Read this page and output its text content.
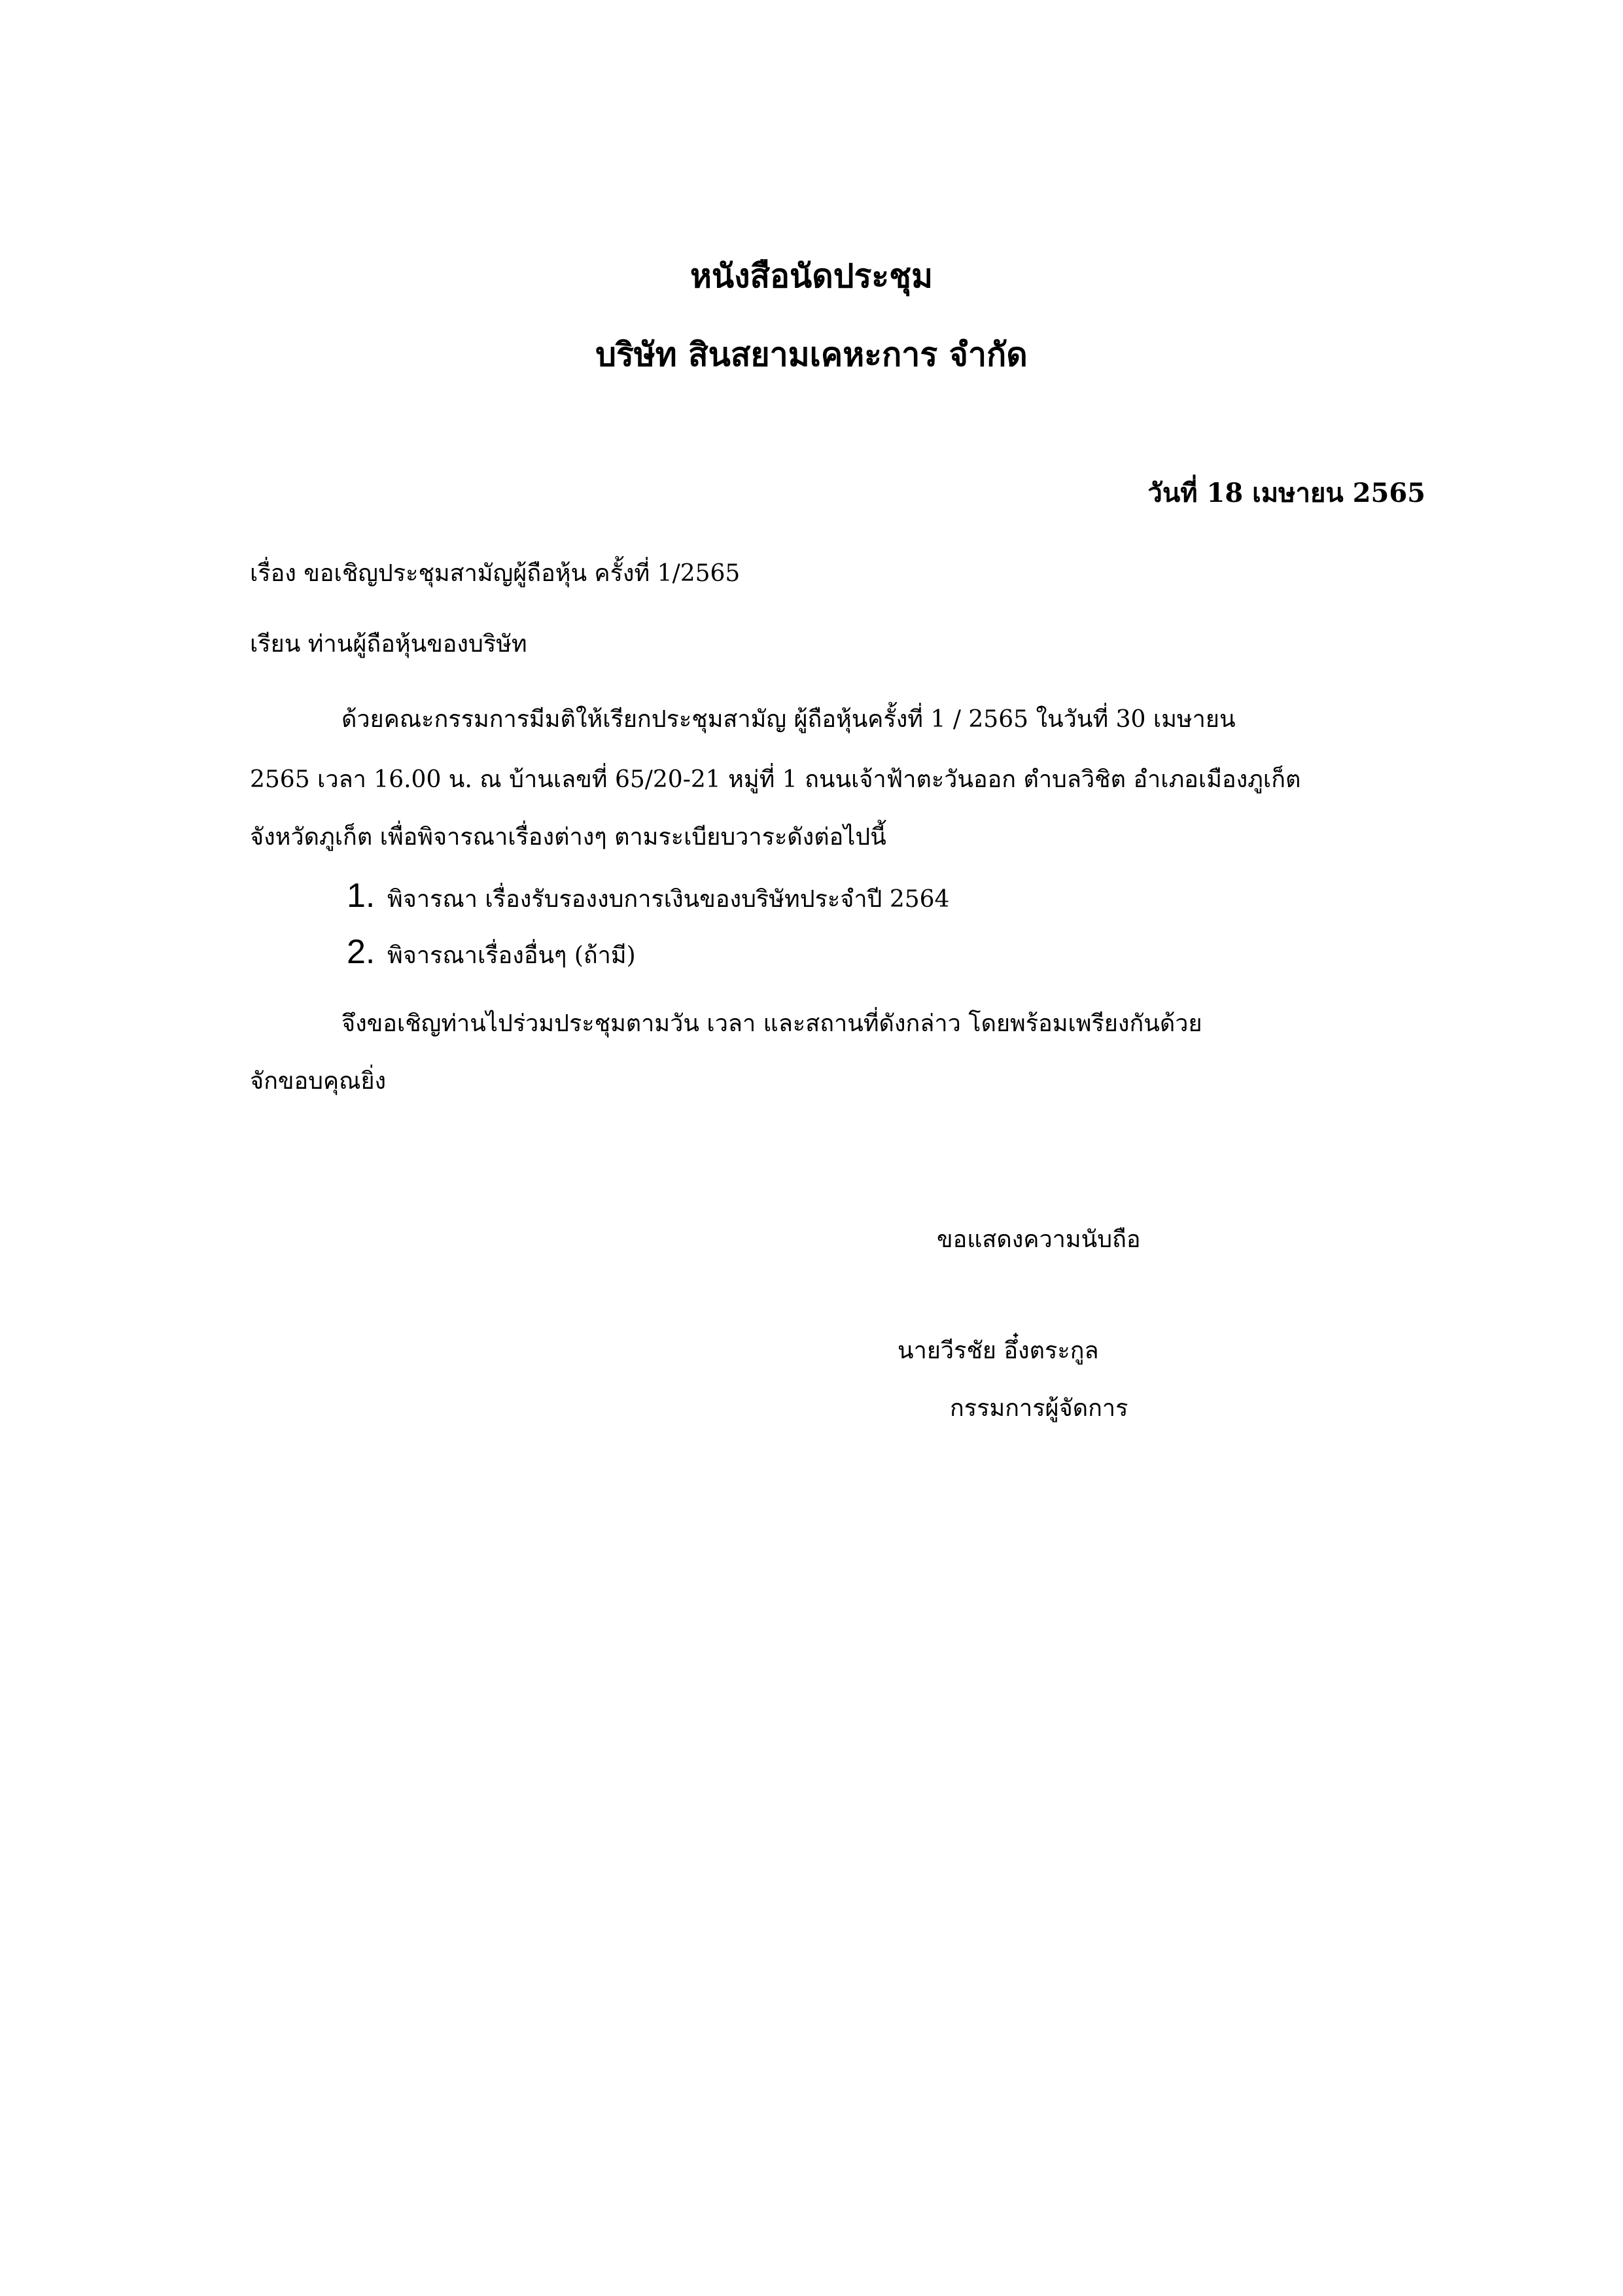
หนังสือนัดประชุม
บริษัท สินสยามเคหะการ จำกัด
วันที่ 18 เมษายน 2565
เรื่อง ขอเชิญประชุมสามัญผู้ถือหุ้น ครั้งที่ 1/2565
เรียน ท่านผู้ถือหุ้นของบริษัท
ด้วยคณะกรรมการมีมติให้เรียกประชุมสามัญ ผู้ถือหุ้นครั้งที่ 1 / 2565 ในวันที่ 30 เมษายน
2565 เวลา 16.00 น. ณ บ้านเลขที่ 65/20-21 หมู่ที่ 1 ถนนเจ้าฟ้าตะวันออก ตำบลวิชิต อำเภอเมืองภูเก็ต
จังหวัดภูเก็ต เพื่อพิจารณาเรื่องต่างๆ ตามระเบียบวาระดังต่อไปนี้
1. พิจารณา เรื่องรับรองงบการเงินของบริษัทประจำปี 2564
2. พิจารณาเรื่องอื่นๆ (ถ้ามี)
จึงขอเชิญท่านไปร่วมประชุมตามวัน เวลา และสถานที่ดังกล่าว โดยพร้อมเพรียงกันด้วย
จักขอบคุณยิ่ง
ขอแสดงความนับถือ
นายวีรชัย อึ๋งตระกูล
กรรมการผู้จัดการ
